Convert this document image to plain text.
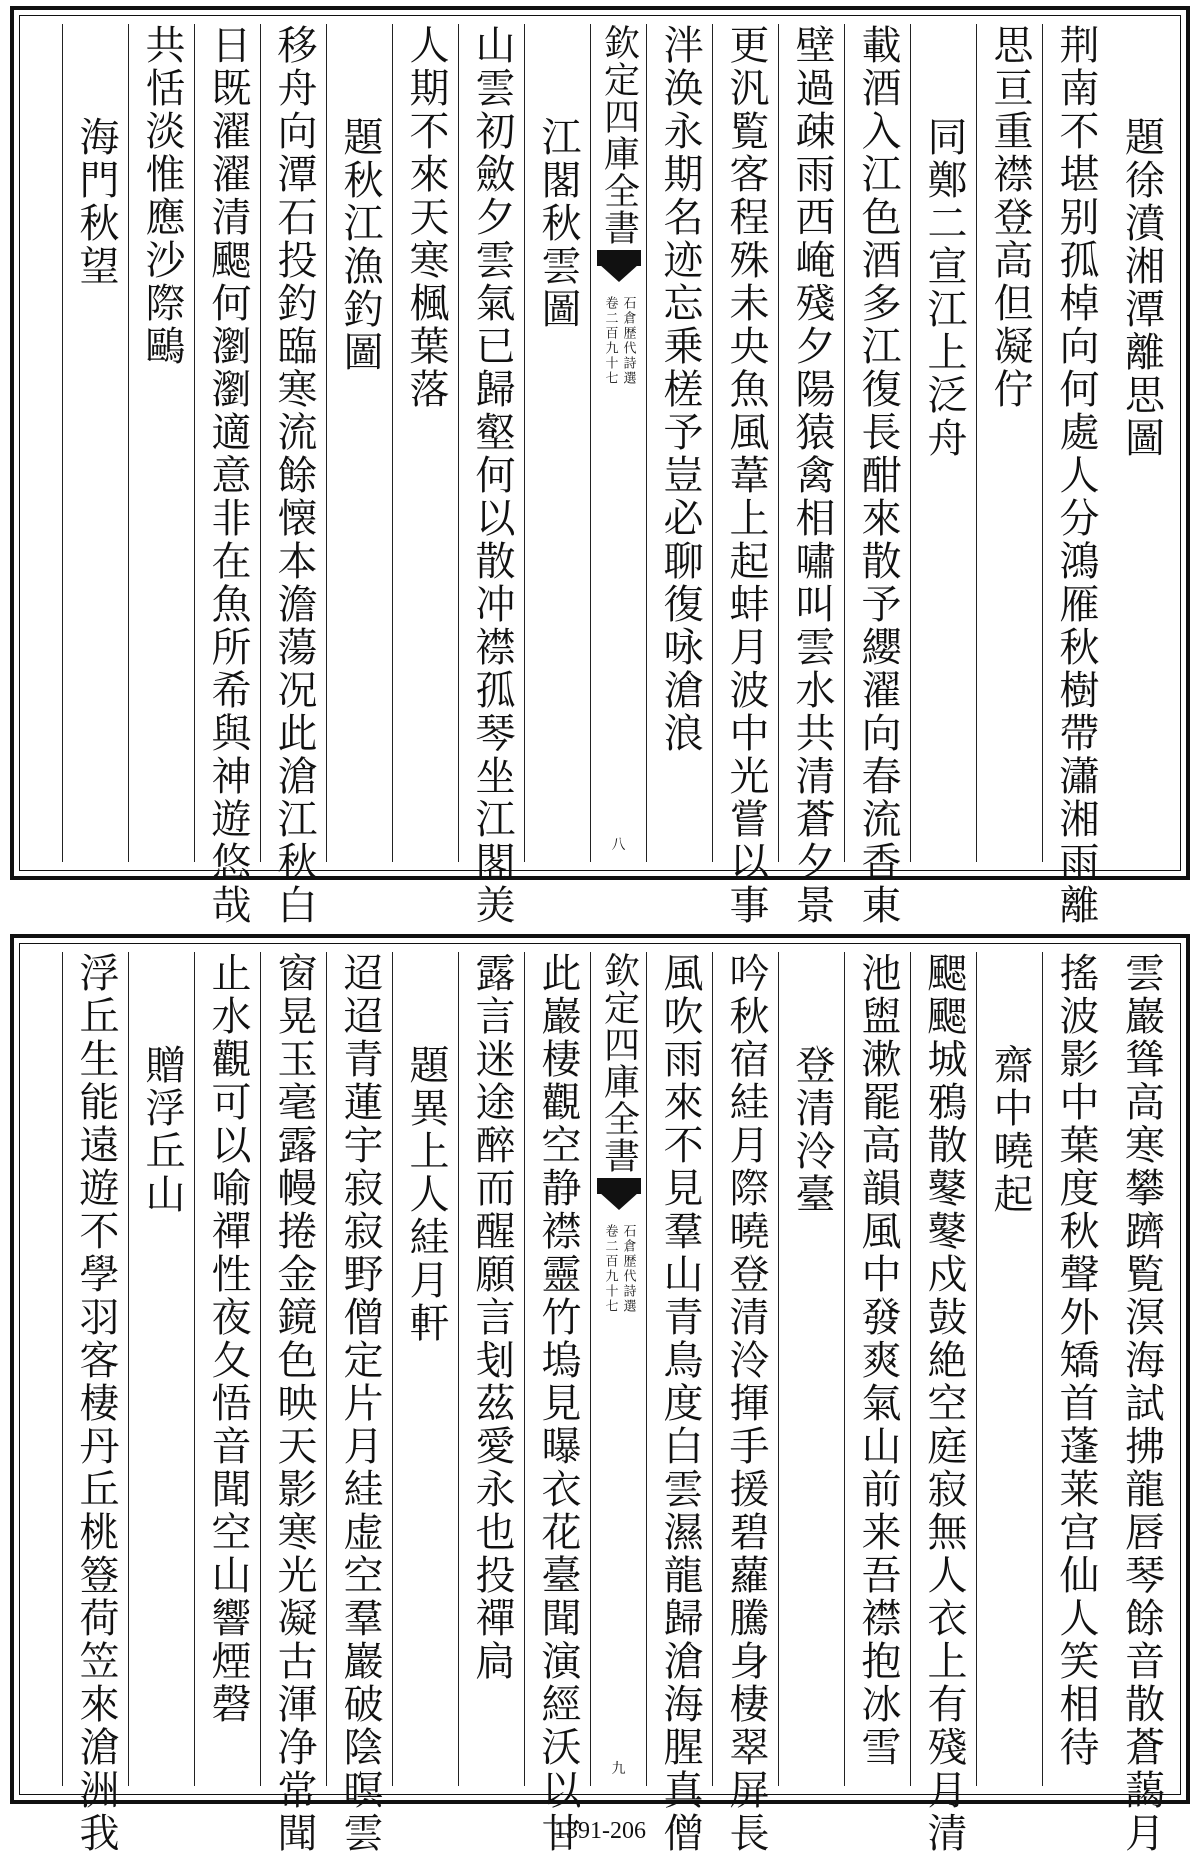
題徐濆湘潭離思圖
荆南不堪别孤棹向何處人分鴻雁秋樹帶瀟湘雨離
思亘重襟登高但凝佇
同鄭二宣江上泛舟
載酒入江色酒多江復長酣來散予纓濯向春流香東
壁過疎雨西崦殘夕陽猿禽相嘯叫雲水共清蒼夕景
更汎覧客程殊未央魚風葦上起蚌月波中光嘗以事
泮涣永期名迹忘乗槎予豈必聊復咏滄浪
欽定四庫全書
石倉歴代詩選
卷二百九十七
八
江閣秋雲圖
山雲初斂夕雲氣已歸壑何以散冲襟孤琴坐江閣羙
人期不來天寒楓葉落
題秋江漁釣圖
移舟向潭石投釣臨寒流餘懐本澹蕩况此滄江秋白
日既濯濯清颸何瀏瀏適意非在魚所希與神遊悠哉
共恬淡惟應沙際鷗
海門秋望
雲巖聳高寒攀躋覧溟海試拂龍唇琴餘音散蒼藹月
搖波影中葉度秋聲外矯首蓬莱宫仙人笑相待
齋中曉起
颸颸城鴉散鼕鼕戍鼔絶空庭寂無人衣上有殘月清
池盥漱罷高韻風中發爽氣山前来吾襟抱冰雪
登清泠臺
吟秋宿絓月際曉登清泠揮手援碧蘿騰身棲翠屏長
風吹雨來不見羣山青鳥度白雲濕龍歸滄海腥真僧
欽定四庫全書
石倉歴代詩選
卷二百九十七
九
此巖棲觀空静襟靈竹塢見曝衣花臺聞演經沃以甘
露言迷途醉而醒願言刬茲愛永也投禪扃
題異上人絓月軒
迢迢青蓮宇寂寂野僧定片月絓虚空羣巖破陰暝雲
窗晃玉毫露幔捲金鏡色映天影寒光凝古渾净常聞
止水觀可以喻禪性夜夂悟音聞空山響煙磬
贈浮丘山
浮丘生能遠遊不學羽客棲丹丘桃簦荷笠來滄洲我	1391-206
